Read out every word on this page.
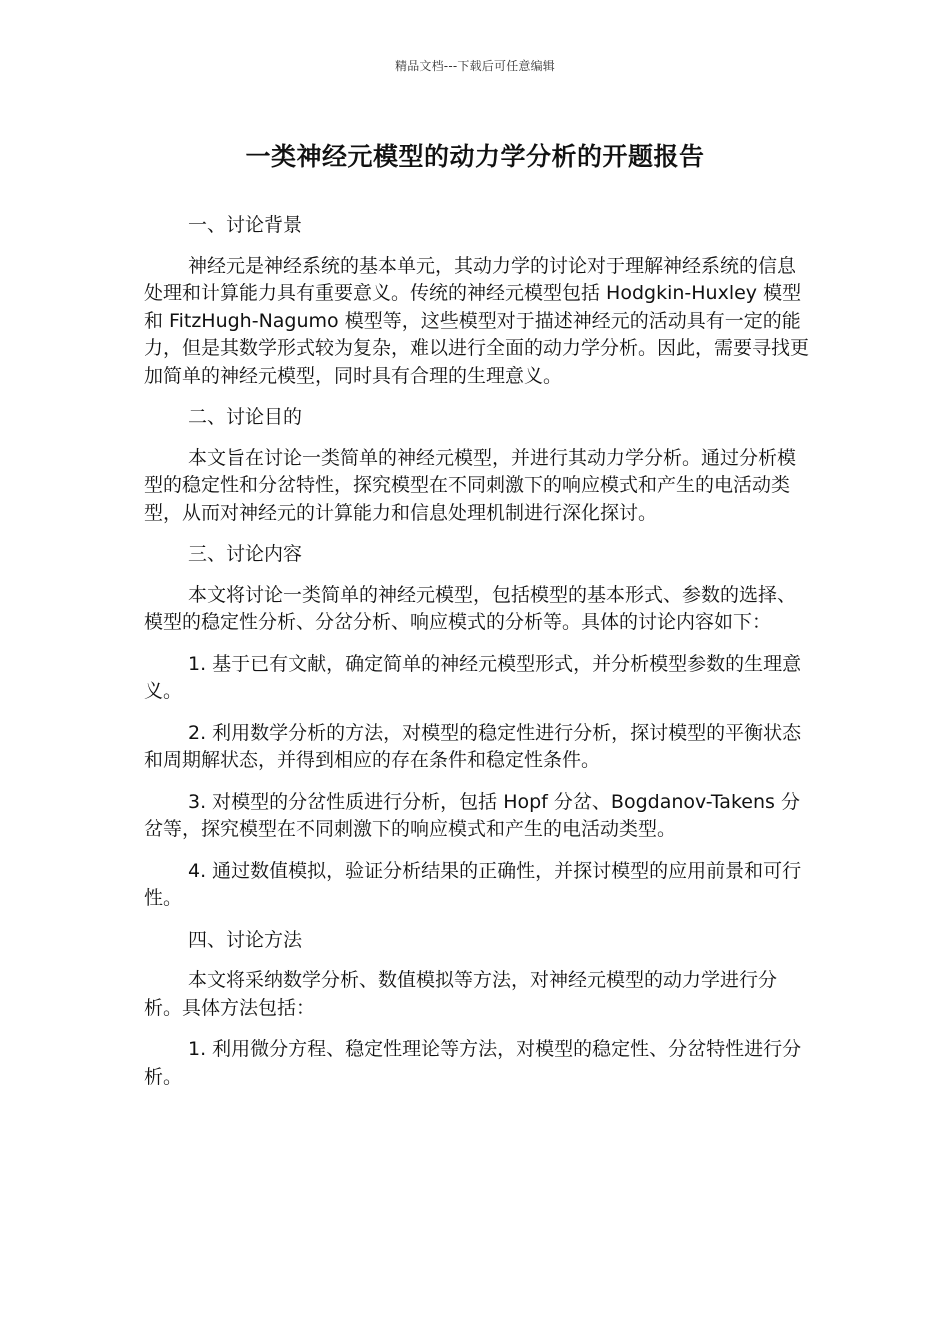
精品文档---下载后可任意编辑
一类神经元模型的动力学分析的开题报告

一、讨论背景

神经元是神经系统的基本单元，其动力学的讨论对于理解神经系统的信息处理和计算能力具有重要意义。传统的神经元模型包括 Hodgkin-Huxley 模型和 FitzHugh-Nagumo 模型等，这些模型对于描述神经元的活动具有一定的能力，但是其数学形式较为复杂，难以进行全面的动力学分析。因此，需要寻找更加简单的神经元模型，同时具有合理的生理意义。

二、讨论目的

本文旨在讨论一类简单的神经元模型，并进行其动力学分析。通过分析模型的稳定性和分岔特性，探究模型在不同刺激下的响应模式和产生的电活动类型，从而对神经元的计算能力和信息处理机制进行深化探讨。

三、讨论内容

本文将讨论一类简单的神经元模型，包括模型的基本形式、参数的选择、模型的稳定性分析、分岔分析、响应模式的分析等。具体的讨论内容如下：

1. 基于已有文献，确定简单的神经元模型形式，并分析模型参数的生理意义。

2. 利用数学分析的方法，对模型的稳定性进行分析，探讨模型的平衡状态和周期解状态，并得到相应的存在条件和稳定性条件。

3. 对模型的分岔性质进行分析，包括 Hopf 分岔、Bogdanov-Takens 分岔等，探究模型在不同刺激下的响应模式和产生的电活动类型。

4. 通过数值模拟，验证分析结果的正确性，并探讨模型的应用前景和可行性。

四、讨论方法

本文将采纳数学分析、数值模拟等方法，对神经元模型的动力学进行分析。具体方法包括：

1. 利用微分方程、稳定性理论等方法，对模型的稳定性、分岔特性进行分析。
